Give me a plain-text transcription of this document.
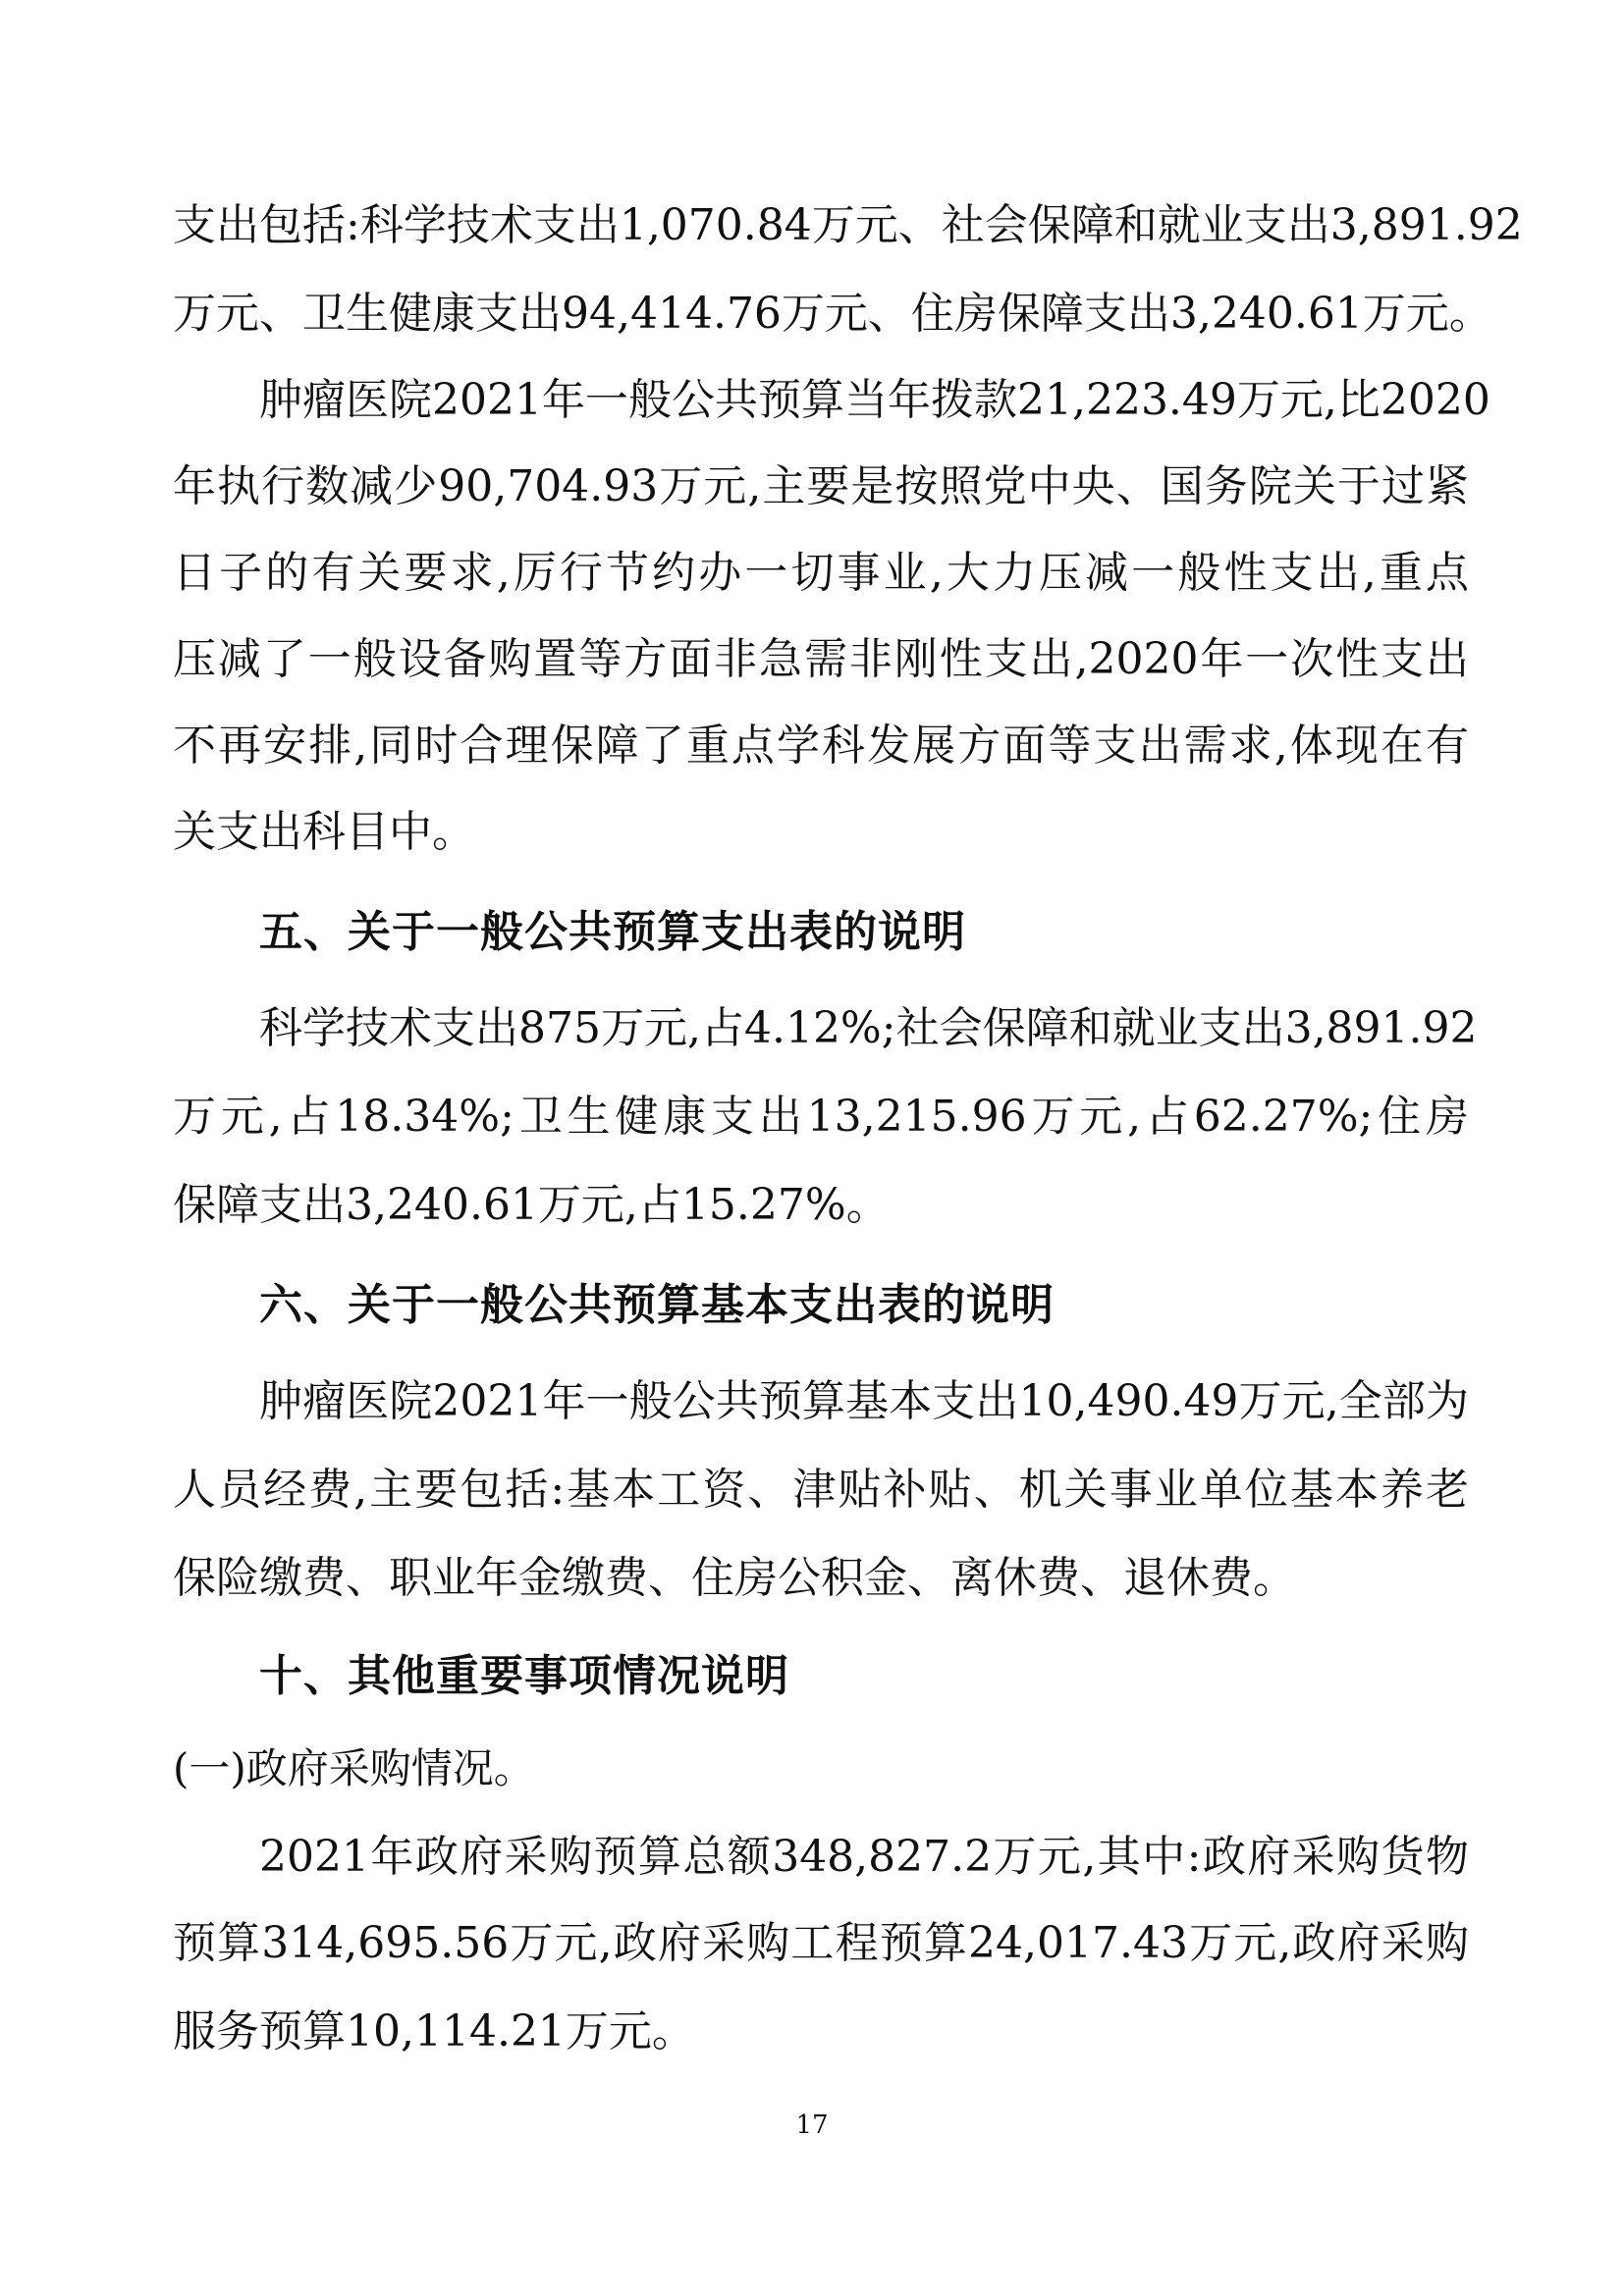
支出包括:科学技术支出1,070.84万元、社会保障和就业支出3,891.92
万元、卫生健康支出94,414.76万元、住房保障支出3,240.61万元。
肿瘤医院2021年一般公共预算当年拨款21,223.49万元,比2020
年执行数减少90,704.93万元,主要是按照党中央、国务院关于过紧
日子的有关要求,厉行节约办一切事业,大力压减一般性支出,重点
压减了一般设备购置等方面非急需非刚性支出,2020年一次性支出
不再安排,同时合理保障了重点学科发展方面等支出需求,体现在有
关支出科目中。
五、关于一般公共预算支出表的说明
科学技术支出875万元,占4.12%;社会保障和就业支出3,891.92
万元,占18.34%;卫生健康支出13,215.96万元,占62.27%;住房
保障支出3,240.61万元,占15.27%。
六、关于一般公共预算基本支出表的说明
肿瘤医院2021年一般公共预算基本支出10,490.49万元,全部为
人员经费,主要包括:基本工资、津贴补贴、机关事业单位基本养老
保险缴费、职业年金缴费、住房公积金、离休费、退休费。
十、其他重要事项情况说明
(一)政府采购情况。
2021年政府采购预算总额348,827.2万元,其中:政府采购货物
预算314,695.56万元,政府采购工程预算24,017.43万元,政府采购
服务预算10,114.21万元。
17
